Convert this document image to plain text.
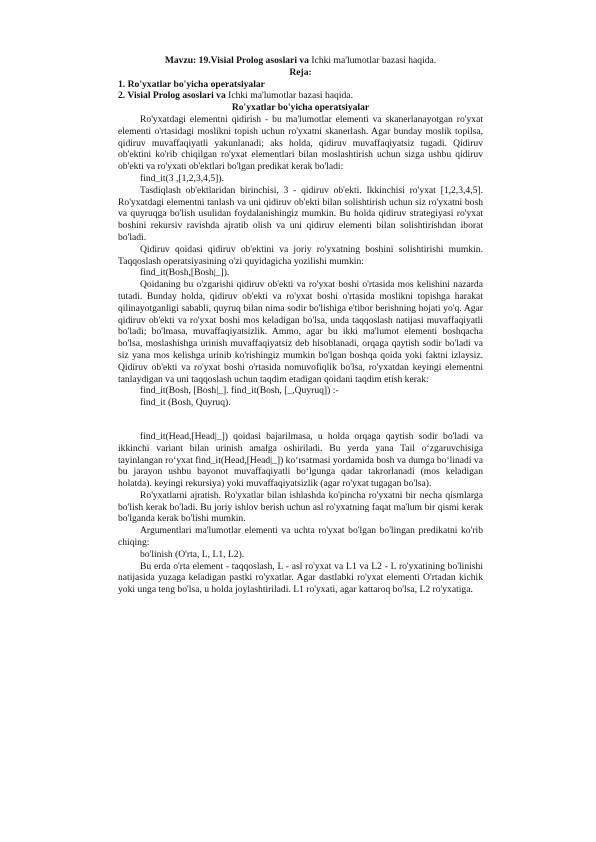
Mavzu: 19.Visial Prolog asoslari va Ichki ma'lumotlar bazasi haqida.

Reja:

1. Ro'yxatlar bo'yicha operatsiyalar

2. Visial Prolog asoslari va Ichki ma'lumotlar bazasi haqida.

Ro'yxatlar bo'yicha operatsiyalar

Ro'yxatdagi elementni qidirish - bu ma'lumotlar elementi va skanerlanayotgan ro'yxat elementi o'rtasidagi moslikni topish uchun ro'yxatni skanerlash. Agar bunday moslik topilsa, qidiruv muvaffaqiyatli yakunlanadi; aks holda, qidiruv muvaffaqiyatsiz tugadi. Qidiruv ob'ektini ko'rib chiqilgan ro'yxat elementlari bilan moslashtirish uchun sizga ushbu qidiruv ob'ekti va ro'yxati ob'ektlari bo'lgan predikat kerak bo'ladi:

find_it(3 ,[1,2,3,4,5]).

Tasdiqlash ob'ektlaridan birinchisi, 3 - qidiruv ob'ekti. Ikkinchisi ro'yxat [1,2,3,4,5]. Ro'yxatdagi elementni tanlash va uni qidiruv ob'ekti bilan solishtirish uchun siz ro'yxatni bosh va quyruqga bo'lish usulidan foydalanishingiz mumkin. Bu holda qidiruv strategiyasi ro'yxat boshini rekursiv ravishda ajratib olish va uni qidiruv elementi bilan solishtirishdan iborat bo'ladi.

Qidiruv qoidasi qidiruv ob'ektini va joriy ro'yxatning boshini solishtirishi mumkin. Taqqoslash operatsiyasining o'zi quyidagicha yozilishi mumkin:

find_it(Bosh,[Bosh|_]).

Qoidaning bu o'zgarishi qidiruv ob'ekti va ro'yxat boshi o'rtasida mos kelishini nazarda tutadi. Bunday holda, qidiruv ob'ekti va ro'yxat boshi o'rtasida moslikni topishga harakat qilinayotganligi sababli, quyruq bilan nima sodir bo'lishiga e'tibor berishning hojati yo'q. Agar qidiruv ob'ekti va ro'yxat boshi mos keladigan bo'lsa, unda taqqoslash natijasi muvaffaqiyatli bo'ladi; bo'lmasa, muvaffaqiyatsizlik. Ammo, agar bu ikki ma'lumot elementi boshqacha bo'lsa, moslashishga urinish muvaffaqiyatsiz deb hisoblanadi, orqaga qaytish sodir bo'ladi va siz yana mos kelishga urinib ko'rishingiz mumkin bo'lgan boshqa qoida yoki faktni izlaysiz. Qidiruv ob'ekti va ro'yxat boshi o'rtasida nomuvofiqlik bo'lsa, ro'yxatdan keyingi elementni tanlaydigan va uni taqqoslash uchun taqdim etadigan qoidani taqdim etish kerak:

find_it(Bosh, [Bosh|_]. find_it(Bosh, [_,Quyruq]) :-

find_it (Bosh, Quyruq).

find_it(Head,[Head|_]) qoidasi bajarilmasa, u holda orqaga qaytish sodir bo'ladi va ikkinchi variant bilan urinish amalga oshiriladi. Bu yerda yana Tail oʻzgaruvchisiga tayinlangan roʻyxat find_it(Head,[Head|_]) koʻrsatmasi yordamida bosh va dumga boʻlinadi va bu jarayon ushbu bayonot muvaffaqiyatli boʻlgunga qadar takrorlanadi (mos keladigan holatda). keyingi rekursiya) yoki muvaffaqiyatsizlik (agar ro'yxat tugagan bo'lsa).

Ro'yxatlarni ajratish. Ro'yxatlar bilan ishlashda ko'pincha ro'yxatni bir necha qismlarga bo'lish kerak bo'ladi. Bu joriy ishlov berish uchun asl ro'yxatning faqat ma'lum bir qismi kerak bo'lganda kerak bo'lishi mumkin.

Argumentlari ma'lumotlar elementi va uchta ro'yxat bo'lgan bo'lingan predikatni ko'rib chiqing:

bo'linish (O'rta, L, L1, L2).

Bu erda o'rta element - taqqoslash, L - asl ro'yxat va L1 va L2 - L ro'yxatining bo'linishi natijasida yuzaga keladigan pastki ro'yxatlar. Agar dastlabki ro'yxat elementi O'rtadan kichik yoki unga teng bo'lsa, u holda joylashtiriladi. L1 ro'yxati, agar kattaroq bo'lsa, L2 ro'yxatiga.
